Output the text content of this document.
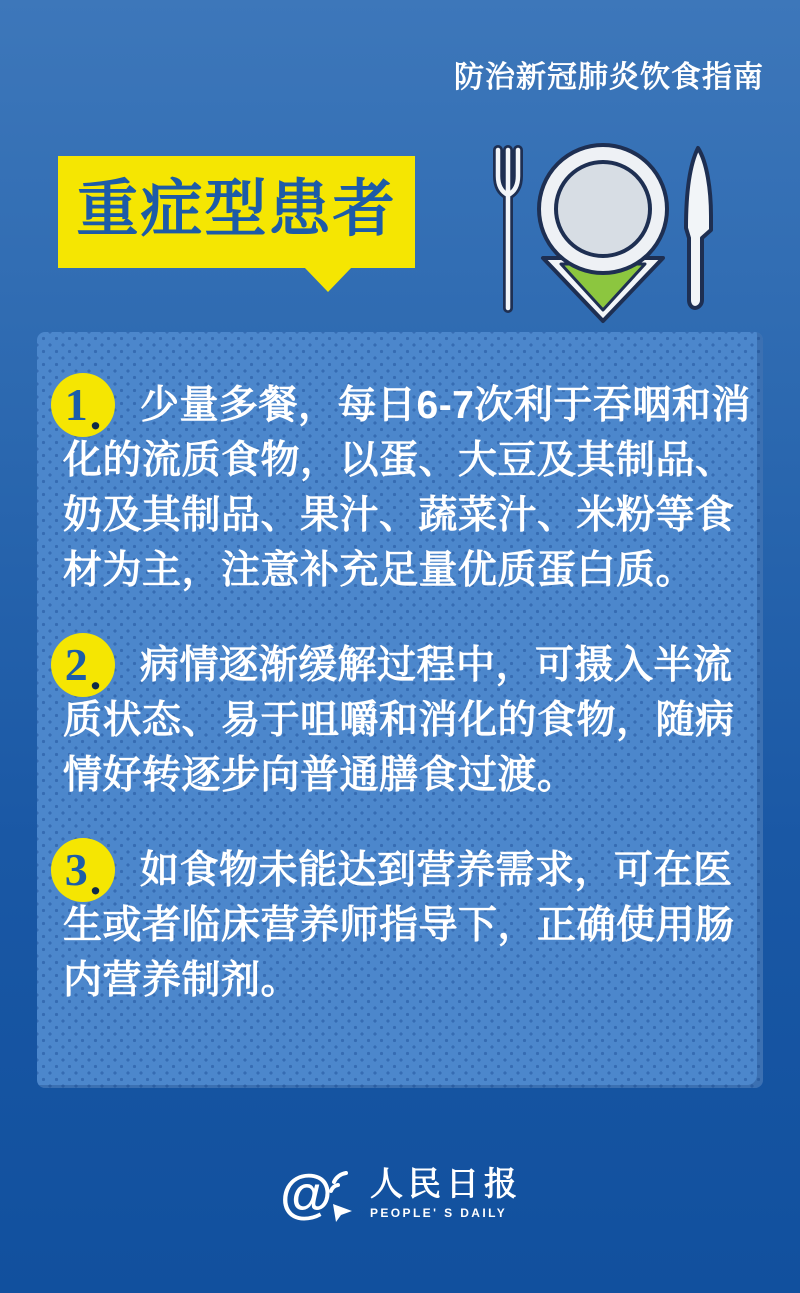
防治新冠肺炎饮食指南
重症型患者
1 . 少量多餐，每日6-7次利于吞咽和消化的流质食物，以蛋、大豆及其制品、奶及其制品、果汁、蔬菜汁、米粉等食材为主，注意补充足量优质蛋白质。

2 . 病情逐渐缓解过程中，可摄入半流质状态、易于咀嚼和消化的食物，随病情好转逐步向普通膳食过渡。

3 . 如食物未能达到营养需求，可在医生或者临床营养师指导下，正确使用肠内营养制剂。

@ 人民日报
PEOPLE' S DAILY
